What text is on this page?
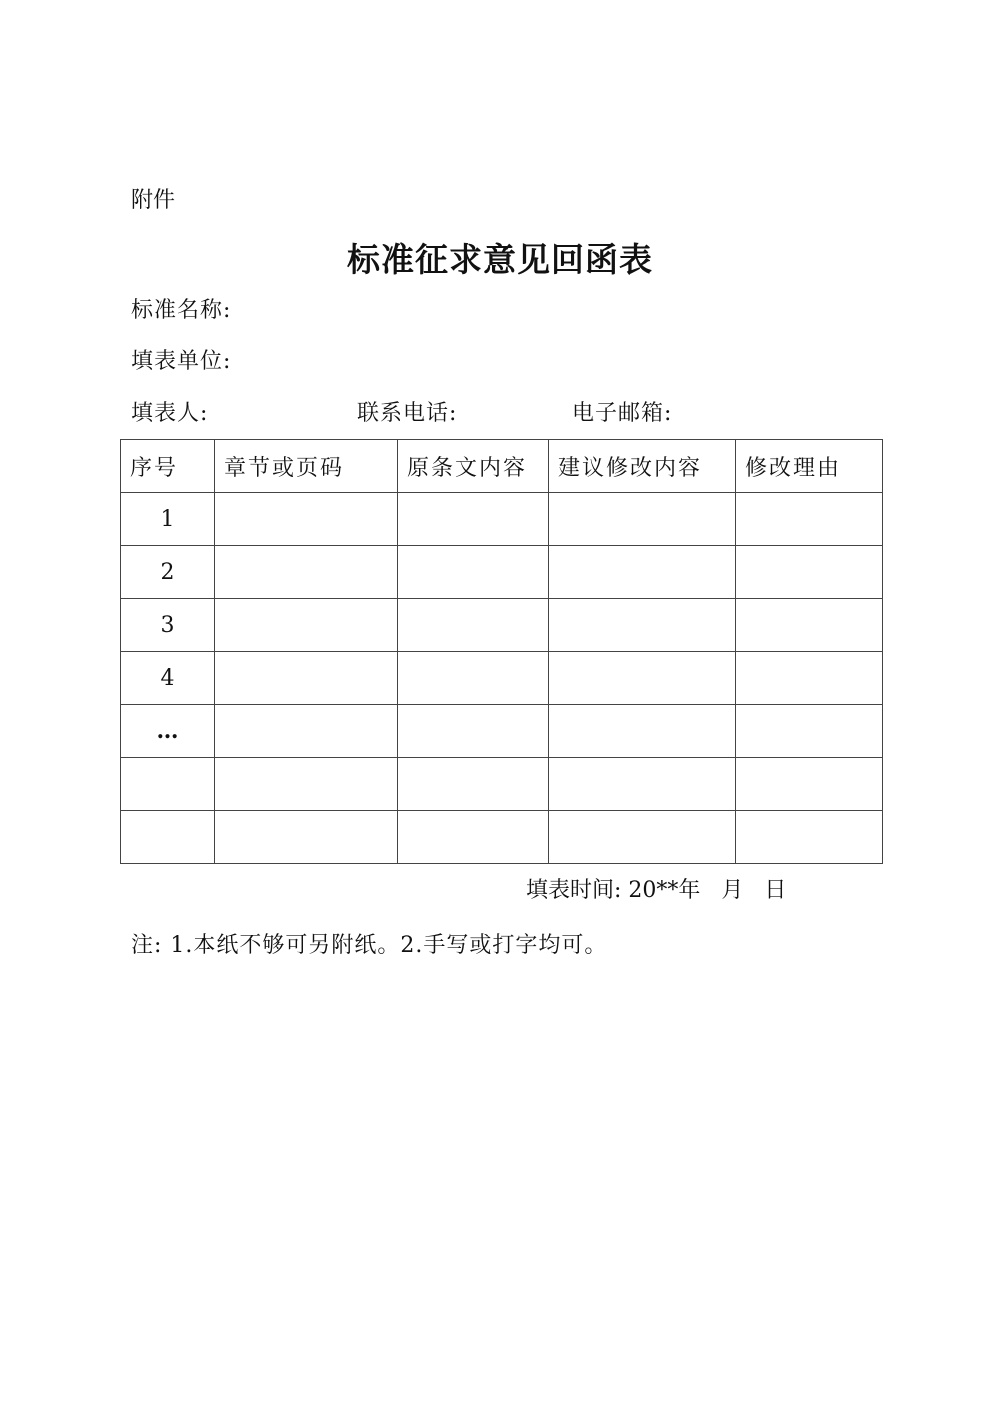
附件
标准征求意见回函表
标准名称:
填表单位:
填表人:	联系电话:	电子邮箱:
序号	章节或页码	原条文内容	建议修改内容	修改理由
1				
2				
3				
4				
…				

填表时间: 20**年   月   日
注: 1.本纸不够可另附纸。2.手写或打字均可。
